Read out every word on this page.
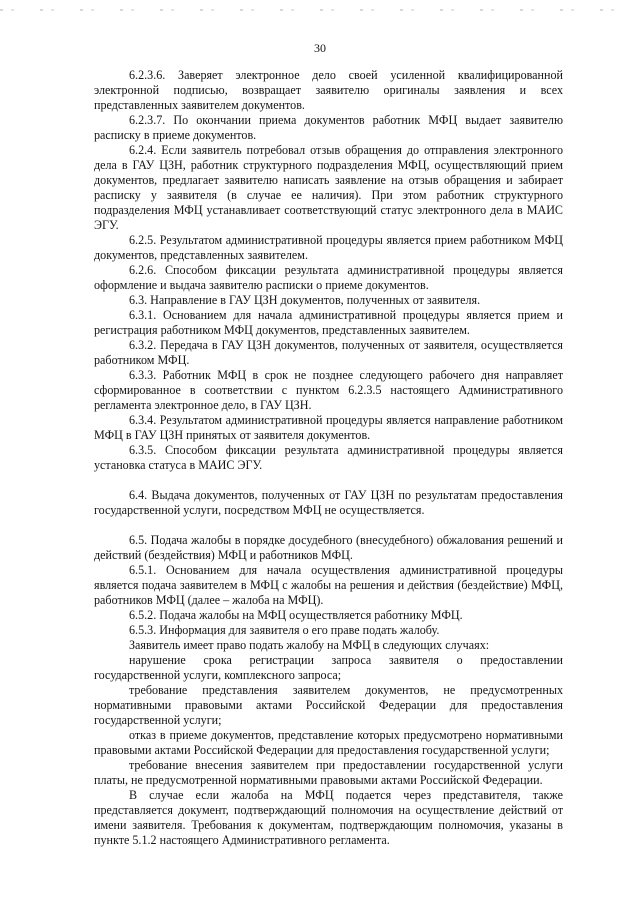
30

6.2.3.6. Заверяет электронное дело своей усиленной квалифицированной электронной подписью, возвращает заявителю оригиналы заявления и всех представленных заявителем документов.

6.2.3.7. По окончании приема документов работник МФЦ выдает заявителю расписку в приеме документов.

6.2.4. Если заявитель потребовал отзыв обращения до отправления электронного дела в ГАУ ЦЗН, работник структурного подразделения МФЦ, осуществляющий прием документов, предлагает заявителю написать заявление на отзыв обращения и забирает расписку у заявителя (в случае ее наличия). При этом работник структурного подразделения МФЦ устанавливает соответствующий статус электронного дела в МАИС ЭГУ.

6.2.5. Результатом административной процедуры является прием работником МФЦ документов, представленных заявителем.

6.2.6. Способом фиксации результата административной процедуры является оформление и выдача заявителю расписки о приеме документов.

6.3. Направление в ГАУ ЦЗН документов, полученных от заявителя.

6.3.1. Основанием для начала административной процедуры является прием и регистрация работником МФЦ документов, представленных заявителем.

6.3.2. Передача в ГАУ ЦЗН документов, полученных от заявителя, осуществляется работником МФЦ.

6.3.3. Работник МФЦ в срок не позднее следующего рабочего дня направляет сформированное в соответствии с пунктом 6.2.3.5 настоящего Административного регламента электронное дело, в ГАУ ЦЗН.

6.3.4. Результатом административной процедуры является направление работником МФЦ в ГАУ ЦЗН принятых от заявителя документов.

6.3.5. Способом фиксации результата административной процедуры является установка статуса в МАИС ЭГУ.

6.4. Выдача документов, полученных от ГАУ ЦЗН по результатам предоставления государственной услуги, посредством МФЦ не осуществляется.

6.5. Подача жалобы в порядке досудебного (внесудебного) обжалования решений и действий (бездействия) МФЦ и работников МФЦ.

6.5.1. Основанием для начала осуществления административной процедуры является подача заявителем в МФЦ с жалобы на решения и действия (бездействие) МФЦ, работников МФЦ (далее – жалоба на МФЦ).

6.5.2. Подача жалобы на МФЦ осуществляется работнику МФЦ.

6.5.3. Информация для заявителя о его праве подать жалобу.

Заявитель имеет право подать жалобу на МФЦ в следующих случаях:

нарушение срока регистрации запроса заявителя о предоставлении государственной услуги, комплексного запроса;

требование представления заявителем документов, не предусмотренных нормативными правовыми актами Российской Федерации для предоставления государственной услуги;

отказ в приеме документов, представление которых предусмотрено нормативными правовыми актами Российской Федерации для предоставления государственной услуги;

требование внесения заявителем при предоставлении государственной услуги платы, не предусмотренной нормативными правовыми актами Российской Федерации.

В случае если жалоба на МФЦ подается через представителя, также представляется документ, подтверждающий полномочия на осуществление действий от имени заявителя. Требования к документам, подтверждающим полномочия, указаны в пункте 5.1.2 настоящего Административного регламента.
